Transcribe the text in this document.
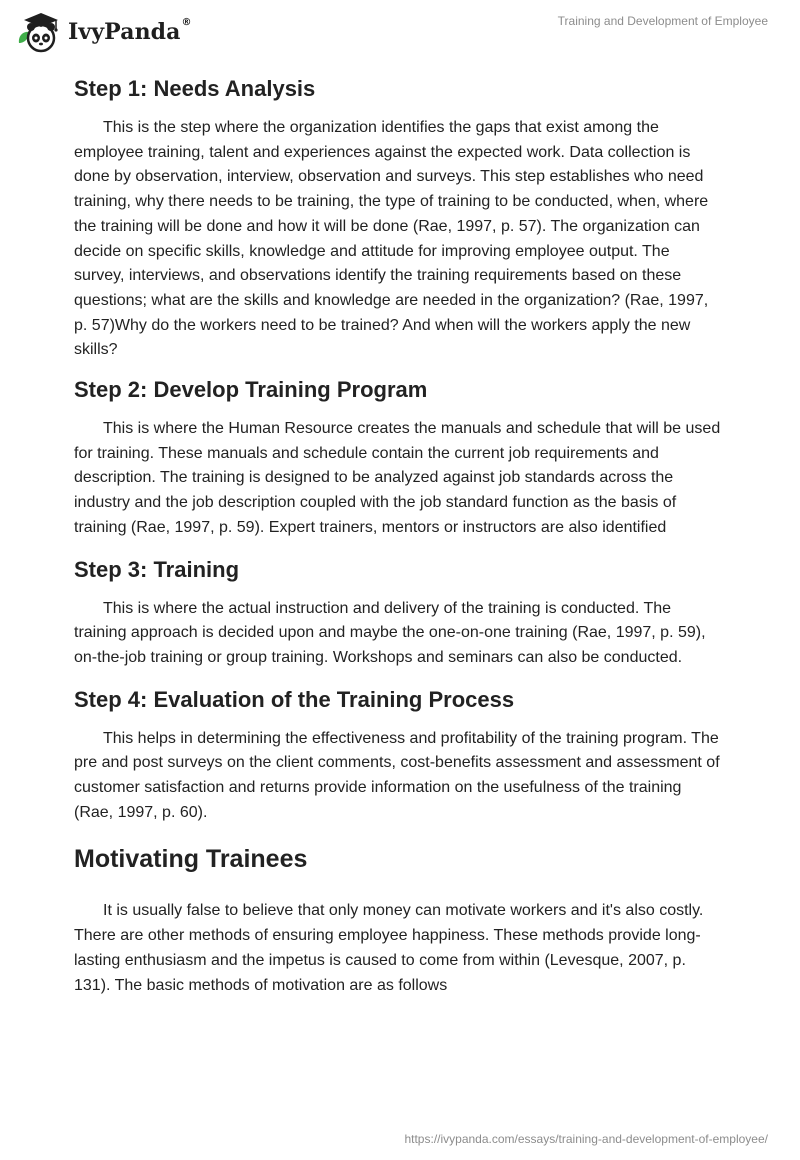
IvyPanda®	Training and Development of Employee
Step 1: Needs Analysis

This is the step where the organization identifies the gaps that exist among the employee training, talent and experiences against the expected work. Data collection is done by observation, interview, observation and surveys. This step establishes who need training, why there needs to be training, the type of training to be conducted, when, where the training will be done and how it will be done (Rae, 1997, p. 57). The organization can decide on specific skills, knowledge and attitude for improving employee output. The survey, interviews, and observations identify the training requirements based on these questions; what are the skills and knowledge are needed in the organization? (Rae, 1997, p. 57)Why do the workers need to be trained? And when will the workers apply the new skills?

Step 2: Develop Training Program

This is where the Human Resource creates the manuals and schedule that will be used for training. These manuals and schedule contain the current job requirements and description. The training is designed to be analyzed against job standards across the industry and the job description coupled with the job standard function as the basis of training (Rae, 1997, p. 59). Expert trainers, mentors or instructors are also identified

Step 3: Training

This is where the actual instruction and delivery of the training is conducted. The training approach is decided upon and maybe the one-on-one training (Rae, 1997, p. 59), on-the-job training or group training. Workshops and seminars can also be conducted.

Step 4: Evaluation of the Training Process

This helps in determining the effectiveness and profitability of the training program. The pre and post surveys on the client comments, cost-benefits assessment and assessment of customer satisfaction and returns provide information on the usefulness of the training (Rae, 1997, p. 60).

Motivating Trainees

It is usually false to believe that only money can motivate workers and it's also costly. There are other methods of ensuring employee happiness. These methods provide long-lasting enthusiasm and the impetus is caused to come from within (Levesque, 2007, p. 131). The basic methods of motivation are as follows

https://ivypanda.com/essays/training-and-development-of-employee/
